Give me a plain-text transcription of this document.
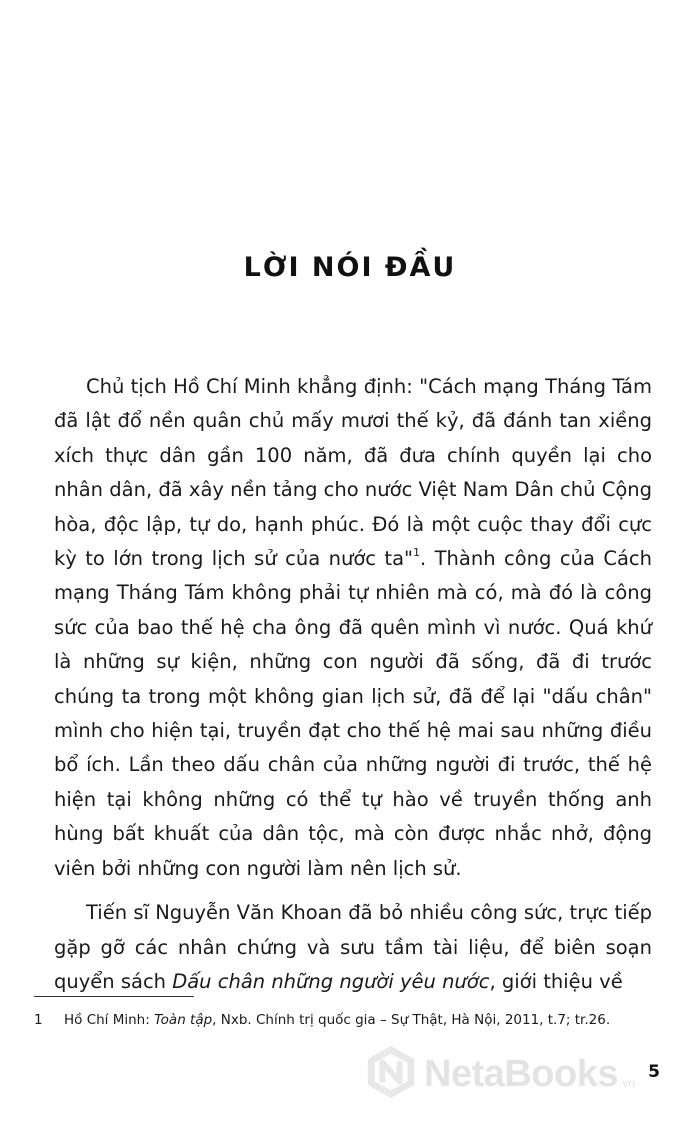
LỜI NÓI ĐẦU

Chủ tịch Hồ Chí Minh khẳng định: "Cách mạng Tháng Tám đã lật đổ nền quân chủ mấy mươi thế kỷ, đã đánh tan xiềng xích thực dân gần 100 năm, đã đưa chính quyền lại cho nhân dân, đã xây nền tảng cho nước Việt Nam Dân chủ Cộng hòa, độc lập, tự do, hạnh phúc. Đó là một cuộc thay đổi cực kỳ to lớn trong lịch sử của nước ta"$^1$. Thành công của Cách mạng Tháng Tám không phải tự nhiên mà có, mà đó là công sức của bao thế hệ cha ông đã quên mình vì nước. Quá khứ là những sự kiện, những con người đã sống, đã đi trước chúng ta trong một không gian lịch sử, đã để lại "dấu chân" mình cho hiện tại, truyền đạt cho thế hệ mai sau những điều bổ ích. Lần theo dấu chân của những người đi trước, thế hệ hiện tại không những có thể tự hào về truyền thống anh hùng bất khuất của dân tộc, mà còn được nhắc nhở, động viên bởi những con người làm nên lịch sử.

Tiến sĩ Nguyễn Văn Khoan đã bỏ nhiều công sức, trực tiếp gặp gỡ các nhân chứng và sưu tầm tài liệu, để biên soạn quyển sách Dấu chân những người yêu nước, giới thiệu về

1 Hồ Chí Minh: Toàn tập, Nxb. Chính trị quốc gia – Sự Thật, Hà Nội, 2011, t.7; tr.26.
NetaBooks .vn
5
